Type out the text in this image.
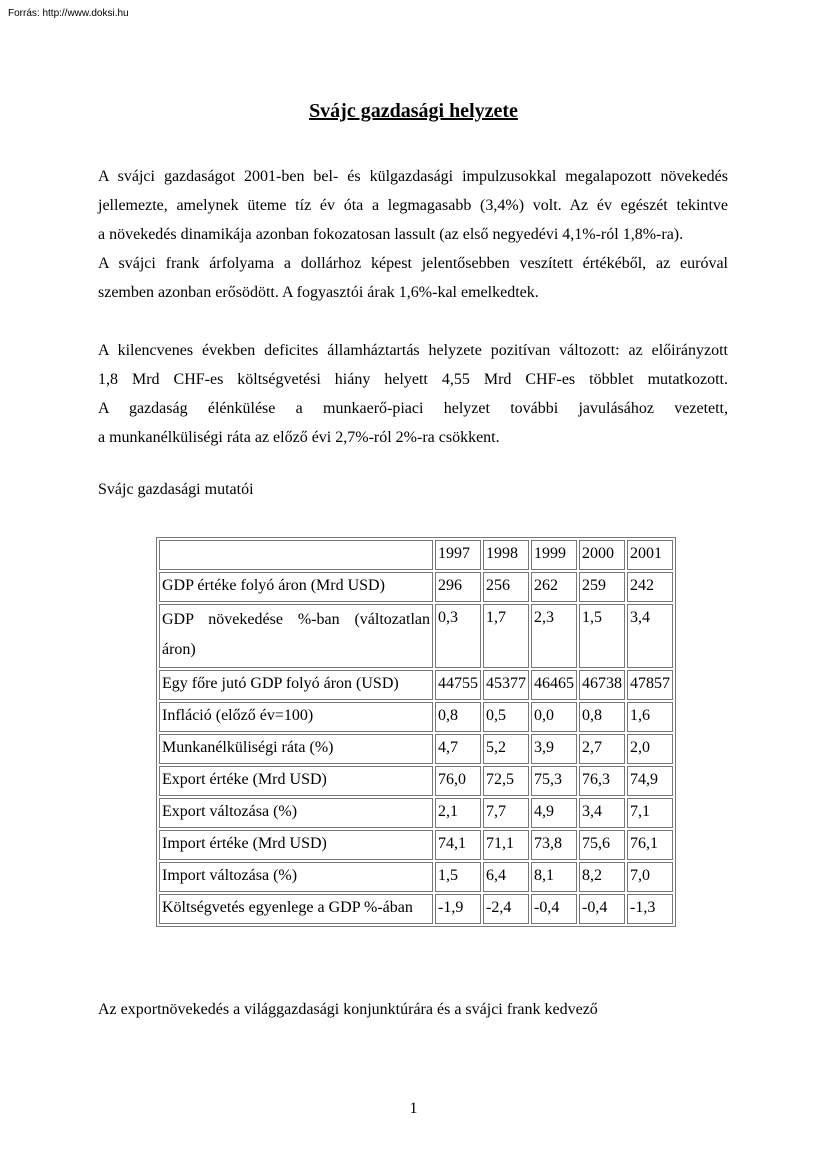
Forrás: http://www.doksi.hu
Svájc gazdasági helyzete
A svájci gazdaságot 2001-ben bel- és külgazdasági impulzusokkal megalapozott növekedés
jellemezte, amelynek üteme tíz év óta a legmagasabb (3,4%) volt. Az év egészét tekintve
a növekedés dinamikája azonban fokozatosan lassult (az első negyedévi 4,1%-ról 1,8%-ra).
A svájci frank árfolyama a dollárhoz képest jelentősebben veszített értékéből, az euróval
szemben azonban erősödött. A fogyasztói árak 1,6%-kal emelkedtek.
A kilencvenes években deficites államháztartás helyzete pozitívan változott: az előirányzott
1,8 Mrd CHF-es költségvetési hiány helyett 4,55 Mrd CHF-es többlet mutatkozott.
A gazdaság élénkülése a munkaerő-piaci helyzet további javulásához vezetett,
a munkanélküliségi ráta az előző évi 2,7%-ról 2%-ra csökkent.
Svájc gazdasági mutatói
	1997	1998	1999	2000	2001
GDP értéke folyó áron (Mrd USD)	296	256	262	259	242
GDP növekedése %-ban (változatlan áron)	0,3	1,7	2,3	1,5	3,4
Egy főre jutó GDP folyó áron (USD)	44755	45377	46465	46738	47857
Infláció (előző év=100)	0,8	0,5	0,0	0,8	1,6
Munkanélküliségi ráta (%)	4,7	5,2	3,9	2,7	2,0
Export értéke (Mrd USD)	76,0	72,5	75,3	76,3	74,9
Export változása (%)	2,1	7,7	4,9	3,4	7,1
Import értéke (Mrd USD)	74,1	71,1	73,8	75,6	76,1
Import változása (%)	1,5	6,4	8,1	8,2	7,0
Költségvetés egyenlege a GDP %-ában	-1,9	-2,4	-0,4	-0,4	-1,3
Az exportnövekedés a világgazdasági konjunktúrára és a svájci frank kedvező
1
